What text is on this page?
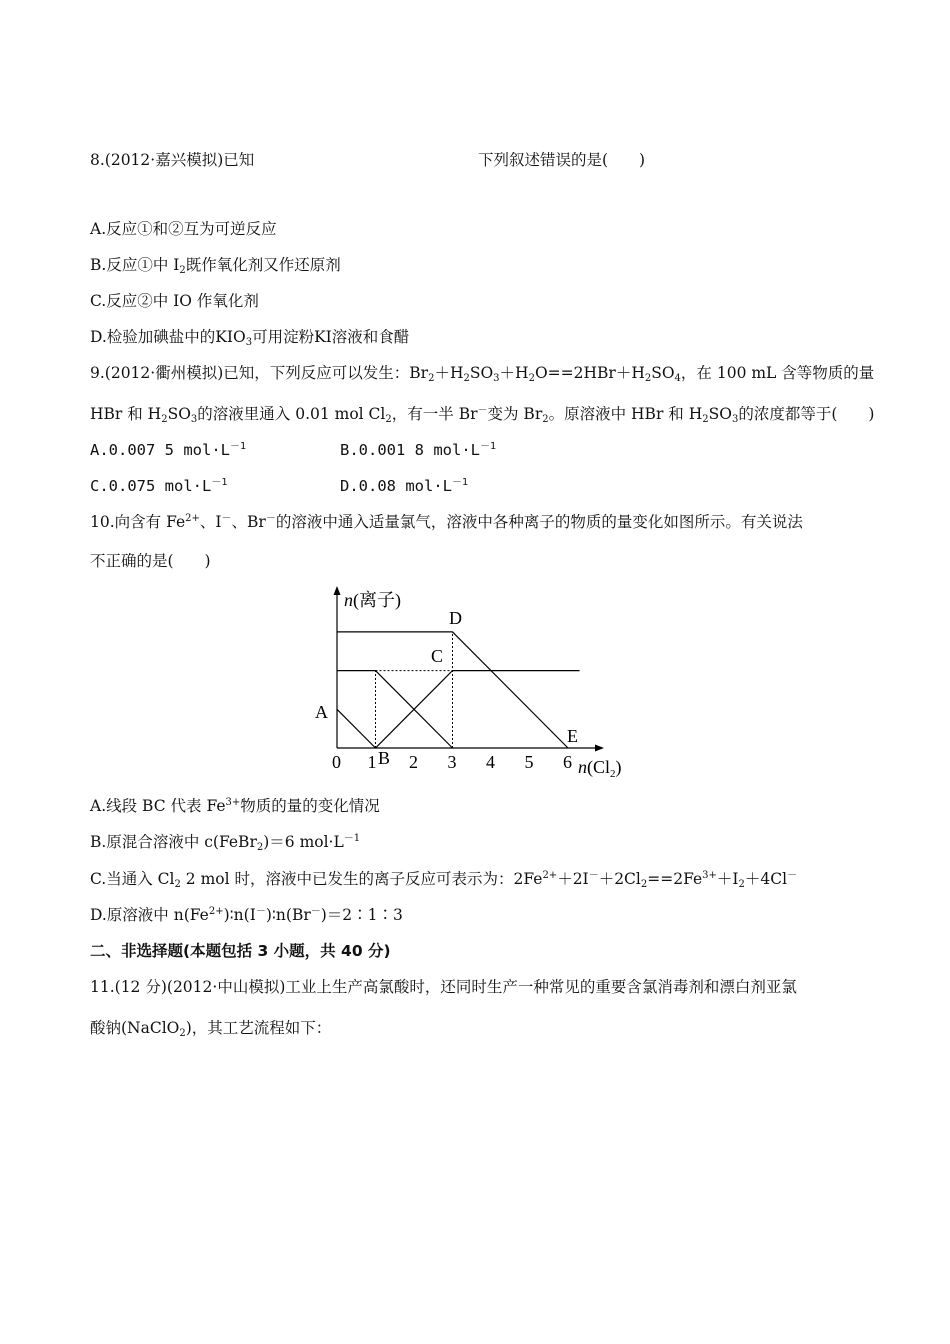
8.(2012·嘉兴模拟)已知	下列叙述错误的是(　　)
A.反应①和②互为可逆反应
B.反应①中 $I_2$既作氧化剂又作还原剂
C.反应②中 IO 作氧化剂
D.检验加碘盐中的$KIO_3$可用淀粉KI溶液和食醋
9.(2012·衢州模拟)已知，下列反应可以发生：$Br_2+H_2SO_3+H_2O==2HBr+H_2SO_4$，在 100 mL 含等物质的量
HBr 和 $H_2SO_3$的溶液里通入 0.01 mol $Cl_2$，有一半 Br－变为 $Br_2$。原溶液中 HBr 和 $H_2SO_3$的浓度都等于(　　)
A.0.007 5 $mol\cdot L^{-1}$	B.0.001 8 $mol\cdot L^{-1}$
C.0.075 $mol\cdot L^{-1}$	D.0.08 $mol\cdot L^{-1}$
10.向含有 $Fe^{2+}$、I－、Br－的溶液中通入适量氯气，溶液中各种离子的物质的量变化如图所示。有关说法
不正确的是(　　)
0 1 2 3 4 5 6
n(离子)
$n(Cl_2)$
A
B
C
D
E
A.线段 BC 代表 $Fe^{3+}$物质的量的变化情况
B.原混合溶液中 c(FeBr$_2$)＝6 $mol\cdot L^{-1}$
C.当通入 $Cl_2$ 2 mol 时，溶液中已发生的离子反应可表示为：$2Fe^{2+}+2I^-+2Cl_2==2Fe^{3+}+I_2+4Cl^-$
D.原溶液中 $n(Fe^{2+})∶n(I^-)∶n(Br^-)=2∶1∶3$
二、非选择题(本题包括 3 小题，共 40 分)
11.(12 分)(2012·中山模拟)工业上生产高氯酸时，还同时生产一种常见的重要含氯消毒剂和漂白剂亚氯
酸钠(NaClO$_2$)，其工艺流程如下：
